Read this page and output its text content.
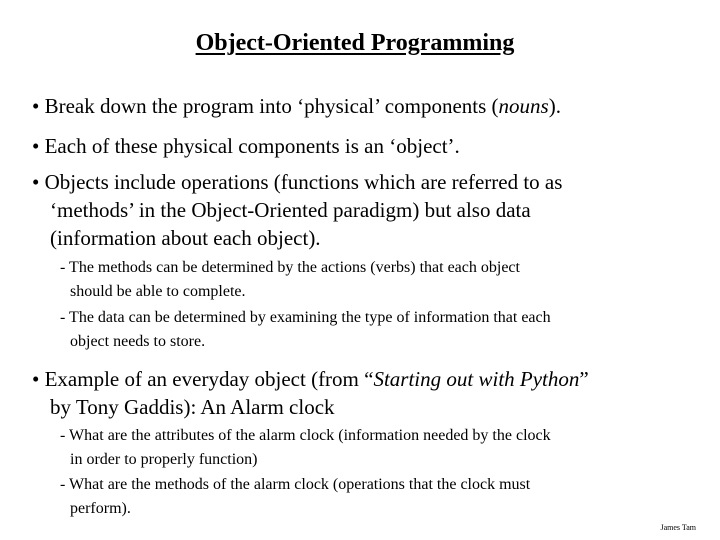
Object-Oriented Programming

• Break down the program into ‘physical’ components (nouns).

• Each of these physical components is an ‘object’.

• Objects include operations (functions which are referred to as
‘methods’ in the Object-Oriented paradigm) but also data
(information about each object).

- The methods can be determined by the actions (verbs) that each object
should be able to complete.

- The data can be determined by examining the type of information that each
object needs to store.

• Example of an everyday object (from “Starting out with Python”
by Tony Gaddis): An Alarm clock

- What are the attributes of the alarm clock (information needed by the clock
in order to properly function)

- What are the methods of the alarm clock (operations that the clock must
perform).

James Tam
